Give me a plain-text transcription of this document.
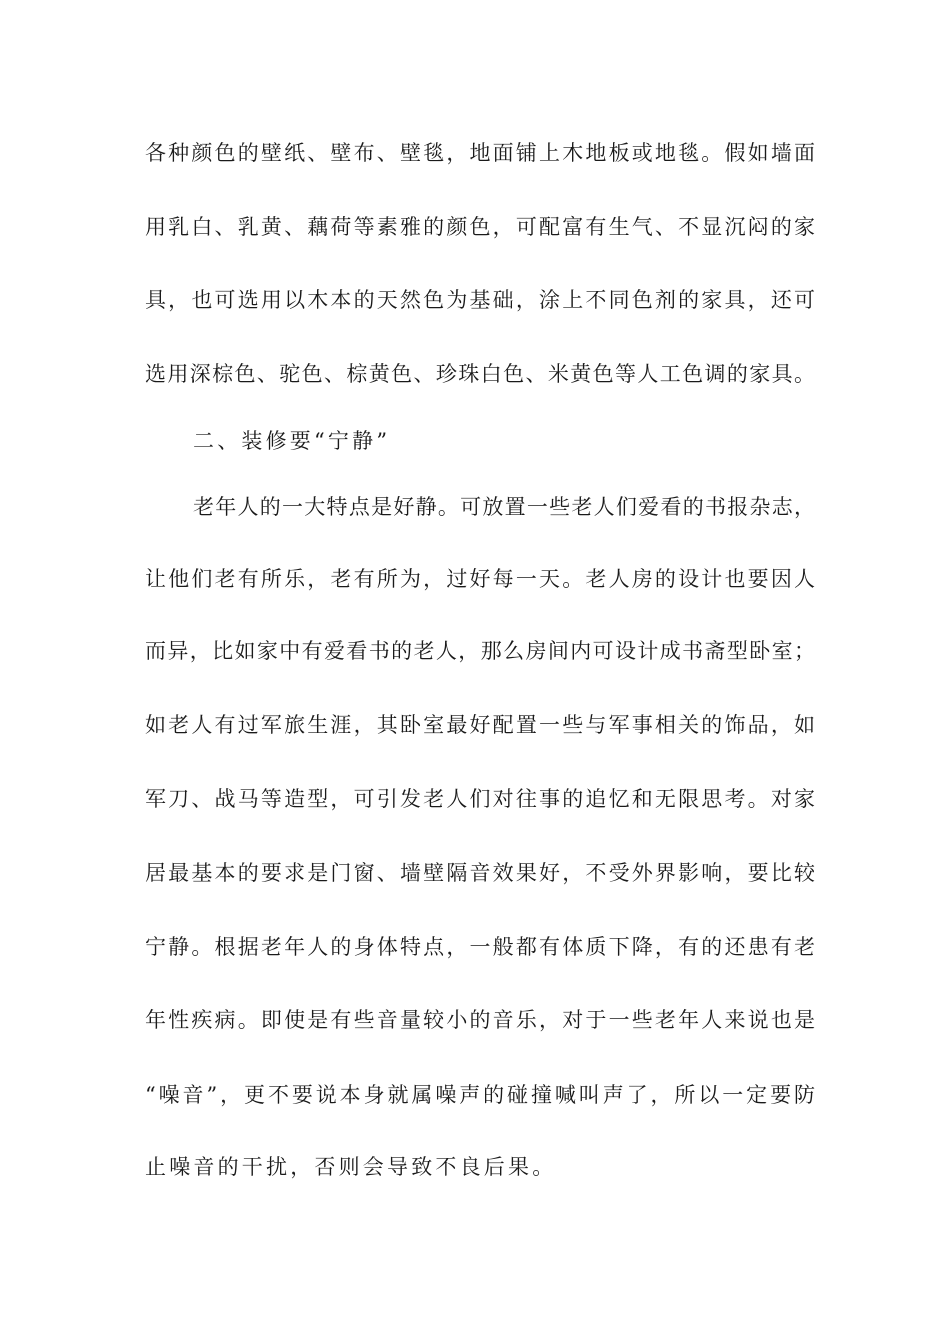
各种颜色的壁纸、壁布、壁毯，地面铺上木地板或地毯。假如墙面
用乳白、乳黄、藕荷等素雅的颜色，可配富有生气、不显沉闷的家
具，也可选用以木本的天然色为基础，涂上不同色剂的家具，还可
选用深棕色、驼色、棕黄色、珍珠白色、米黄色等人工色调的家具。
二、装修要“宁静”
老年人的一大特点是好静。可放置一些老人们爱看的书报杂志，
让他们老有所乐，老有所为，过好每一天。老人房的设计也要因人
而异，比如家中有爱看书的老人，那么房间内可设计成书斋型卧室；
如老人有过军旅生涯，其卧室最好配置一些与军事相关的饰品，如
军刀、战马等造型，可引发老人们对往事的追忆和无限思考。对家
居最基本的要求是门窗、墙壁隔音效果好，不受外界影响，要比较
宁静。根据老年人的身体特点，一般都有体质下降，有的还患有老
年性疾病。即使是有些音量较小的音乐，对于一些老年人来说也是
“噪音”，更不要说本身就属噪声的碰撞喊叫声了，所以一定要防
止噪音的干扰，否则会导致不良后果。
